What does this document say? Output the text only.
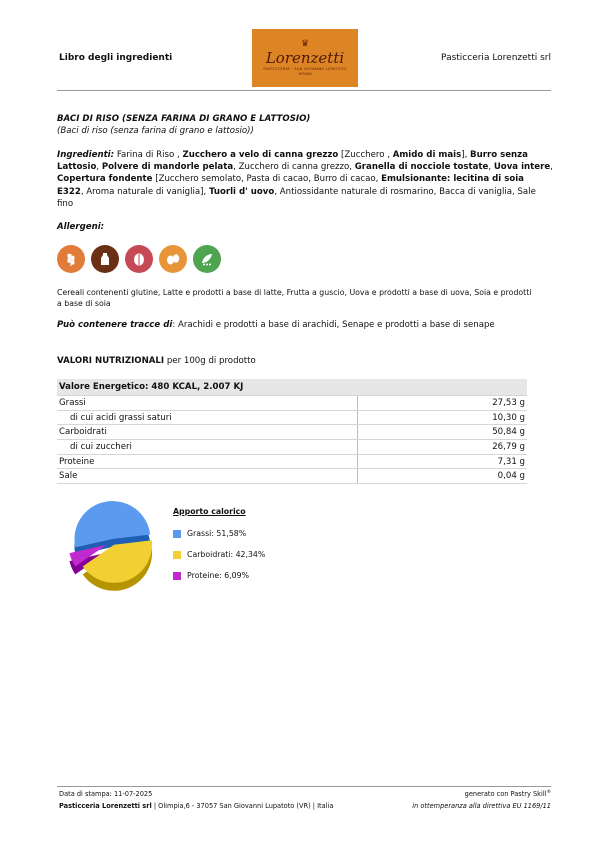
Libro degli ingredienti
♛
Lorenzetti
PASTICCERIA · SAN GIOVANNI LUPATOTO
VERONA
Pasticceria Lorenzetti srl
BACI DI RISO (SENZA FARINA DI GRANO E LATTOSIO)
(Baci di riso (senza farina di grano e lattosio))
Ingredienti: Farina di Riso , Zucchero a velo di canna grezzo [Zucchero , Amido di mais], Burro senza Lattosio, Polvere di mandorle pelata, Zucchero di canna grezzo, Granella di nocciole tostate, Uova intere, Copertura fondente [Zucchero semolato, Pasta di cacao, Burro di cacao, Emulsionante: lecitina di soia E322, Aroma naturale di vaniglia], Tuorli d' uovo, Antiossidante naturale di rosmarino, Bacca di vaniglia, Sale fino
Allergeni:
Cereali contenenti glutine, Latte e prodotti a base di latte, Frutta a guscio, Uova e prodotti a base di uova, Soia e prodotti a base di soia
Può contenere tracce di: Arachidi e prodotti a base di arachidi, Senape e prodotti a base di senape
VALORI NUTRIZIONALI per 100g di prodotto
Valore Energetico: 480 KCAL, 2.007 KJ	
Grassi	27,53 g
di cui acidi grassi saturi	10,30 g
Carboidrati	50,84 g
di cui zuccheri	26,79 g
Proteine	7,31 g
Sale	0,04 g
Apporto calorico
Grassi: 51,58%
Carboidrati: 42,34%
Proteine: 6,09%
Data di stampa: 11-07-2025
Pasticceria Lorenzetti srl | Olimpia,6 - 37057 San Giovanni Lupatoto (VR) | Italia
generato con Pastry Skill®
in ottemperanza alla direttiva EU 1169/11
